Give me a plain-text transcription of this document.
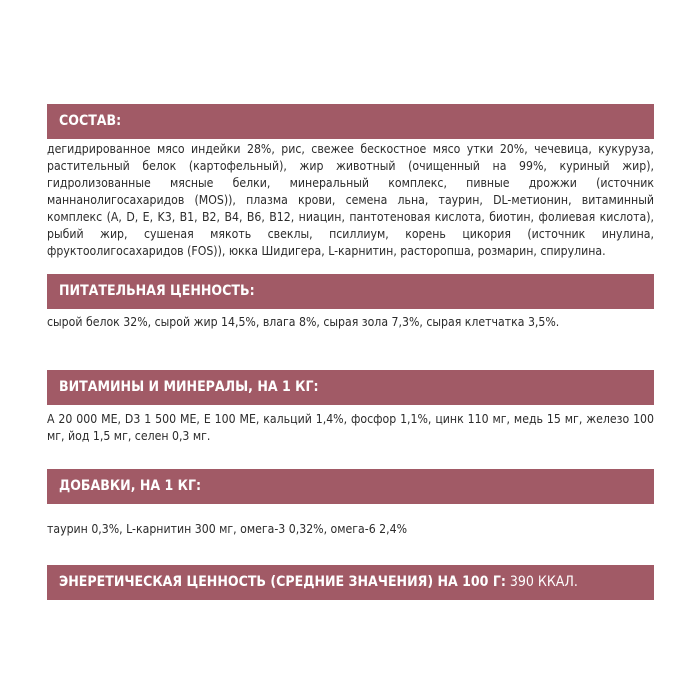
СОСТАВ:
дегидрированное мясо индейки 28%, рис, свежее бескостное мясо утки 20%, чечевица, кукуруза, растительный белок (картофельный), жир животный (очищенный на 99%, куриный жир), гидролизованные мясные белки, минеральный комплекс, пивные дрожжи (источник маннанолигосахаридов (MOS)), плазма крови, семена льна, таурин, DL-метионин, витаминный комплекс (A, D, E, K3, B1, B2, B4, B6, B12, ниацин, пантотеновая кислота, биотин, фолиевая кислота), рыбий жир, сушеная мякоть свеклы, псиллиум, корень цикория (источник инулина, фруктоолигосахаридов (FOS)), юкка Шидигера, L-карнитин, расторопша, розмарин, спирулина.
ПИТАТЕЛЬНАЯ ЦЕННОСТЬ:
сырой белок 32%, сырой жир 14,5%, влага 8%, сырая зола 7,3%, сырая клетчатка 3,5%.
ВИТАМИНЫ И МИНЕРАЛЫ, НА 1 КГ:
А 20 000 МЕ, D3 1 500 МЕ, Е 100 МЕ, кальций 1,4%, фосфор 1,1%, цинк 110 мг, медь 15 мг, железо 100 мг, йод 1,5 мг, селен 0,3 мг.
ДОБАВКИ, НА 1 КГ:
таурин 0,3%, L-карнитин 300 мг, омега-3 0,32%, омега-6 2,4%
ЭНЕРЕТИЧЕСКАЯ ЦЕННОСТЬ (СРЕДНИЕ ЗНАЧЕНИЯ) НА 100 Г: 390 ККАЛ.
